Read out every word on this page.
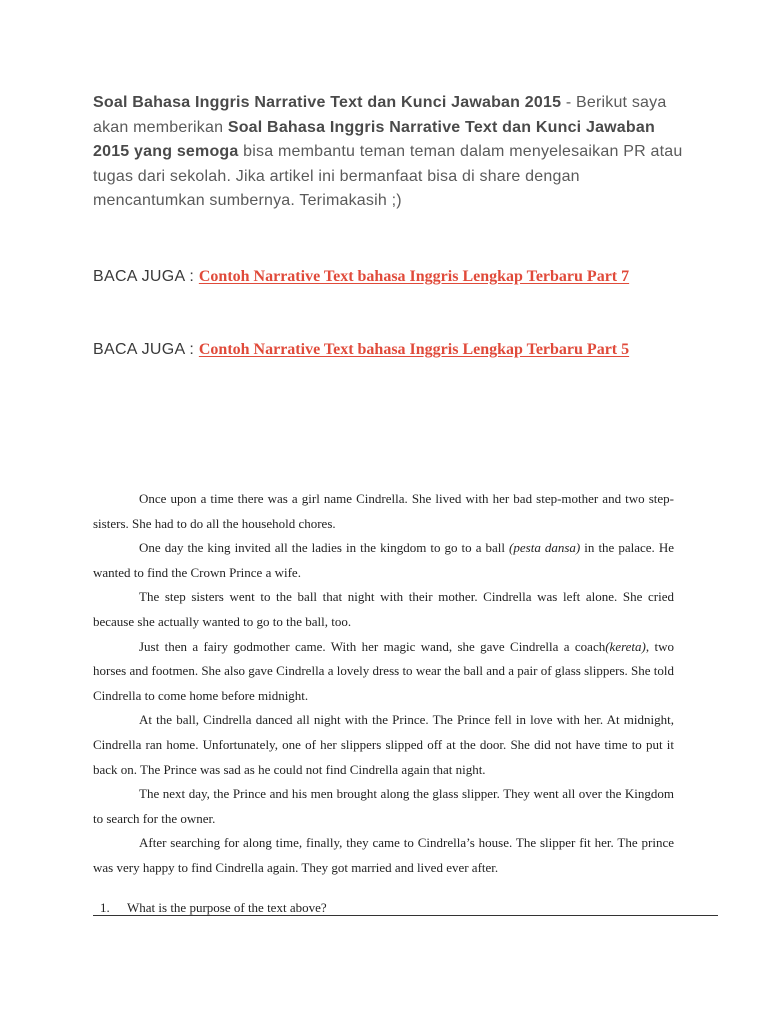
Soal Bahasa Inggris Narrative Text dan Kunci Jawaban 2015 - Berikut saya akan memberikan Soal Bahasa Inggris Narrative Text dan Kunci Jawaban 2015 yang semoga bisa membantu teman teman dalam menyelesaikan PR atau tugas dari sekolah. Jika artikel ini bermanfaat bisa di share dengan mencantumkan sumbernya. Terimakasih ;)
BACA JUGA : Contoh Narrative Text bahasa Inggris Lengkap Terbaru Part 7
BACA JUGA : Contoh Narrative Text bahasa Inggris Lengkap Terbaru Part 5

Once upon a time there was a girl name Cindrella. She lived with her bad step-mother and two step-sisters. She had to do all the household chores.

One day the king invited all the ladies in the kingdom to go to a ball (pesta dansa) in the palace. He wanted to find the Crown Prince a wife.

The step sisters went to the ball that night with their mother. Cindrella was left alone. She cried because she actually wanted to go to the ball, too.

Just then a fairy godmother came. With her magic wand, she gave Cindrella a coach(kereta), two horses and footmen. She also gave Cindrella a lovely dress to wear the ball and a pair of glass slippers. She told Cindrella to come home before midnight.

At the ball, Cindrella danced all night with the Prince. The Prince fell in love with her. At midnight, Cindrella ran home. Unfortunately, one of her slippers slipped off at the door. She did not have time to put it back on. The Prince was sad as he could not find Cindrella again that night.

The next day, the Prince and his men brought along the glass slipper. They went all over the Kingdom to search for the owner.

After searching for along time, finally, they came to Cindrella’s house. The slipper fit her. The prince was very happy to find Cindrella again. They got married and lived ever after.

1. What is the purpose of the text above?
